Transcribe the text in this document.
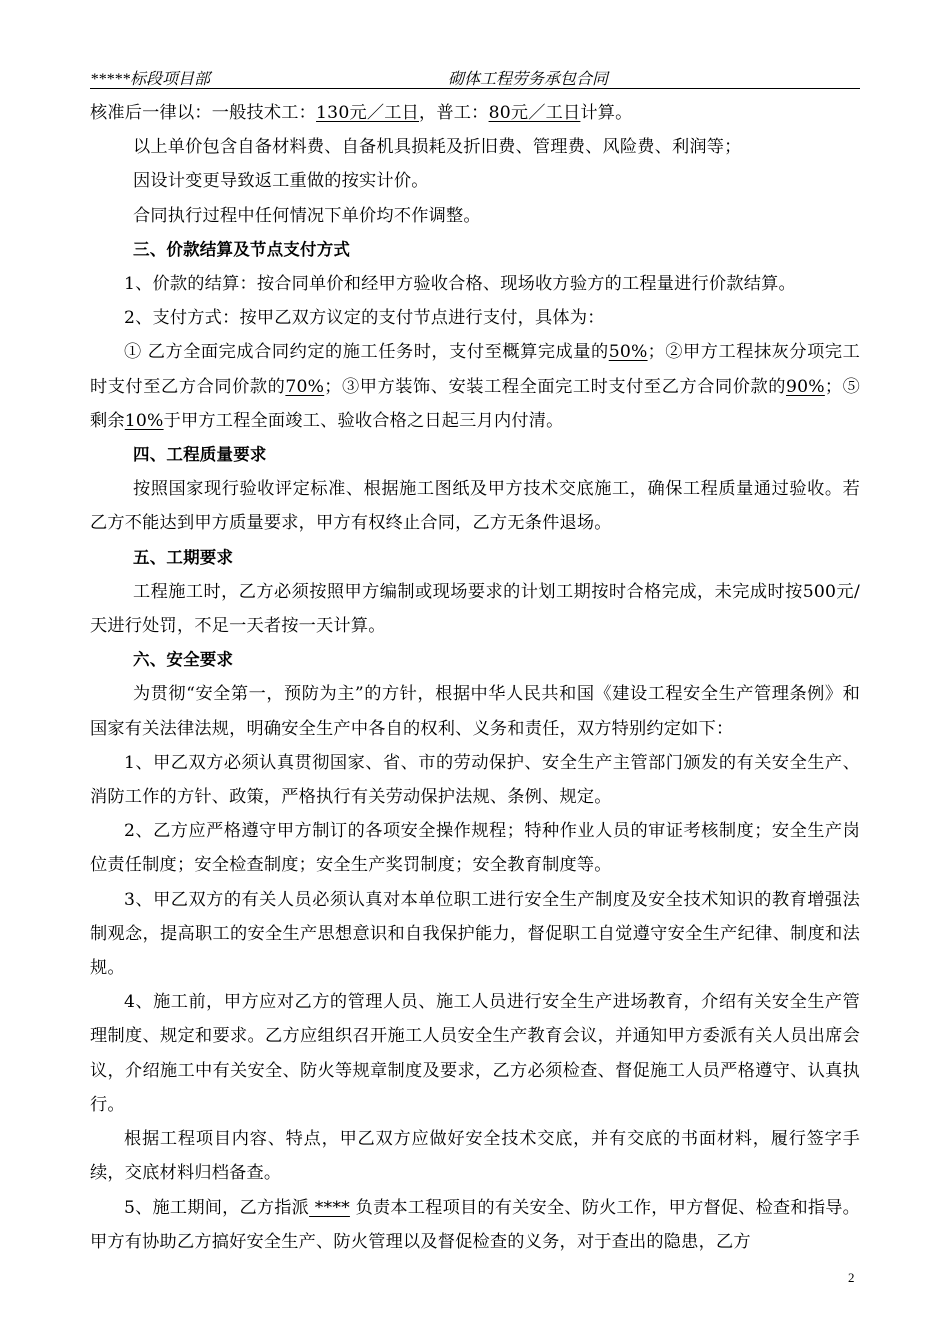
*****标段项目部	砌体工程劳务承包合同

核准后一律以：一般技术工：130元／工日，普工：80元／工日计算。

以上单价包含自备材料费、自备机具损耗及折旧费、管理费、风险费、利润等；

因设计变更导致返工重做的按实计价。

合同执行过程中任何情况下单价均不作调整。

三、价款结算及节点支付方式

1、价款的结算：按合同单价和经甲方验收合格、现场收方验方的工程量进行价款结算。

2、支付方式：按甲乙双方议定的支付节点进行支付，具体为：

① 乙方全面完成合同约定的施工任务时，支付至概算完成量的50%；②甲方工程抹灰分项完工时支付至乙方合同价款的70%；③甲方装饰、安装工程全面完工时支付至乙方合同价款的90%；⑤剩余10%于甲方工程全面竣工、验收合格之日起三月内付清。

四、工程质量要求

按照国家现行验收评定标准、根据施工图纸及甲方技术交底施工，确保工程质量通过验收。若乙方不能达到甲方质量要求，甲方有权终止合同，乙方无条件退场。

五、工期要求

工程施工时，乙方必须按照甲方编制或现场要求的计划工期按时合格完成，未完成时按500元/天进行处罚，不足一天者按一天计算。

六、安全要求

为贯彻“安全第一，预防为主”的方针，根据中华人民共和国《建设工程安全生产管理条例》和国家有关法律法规，明确安全生产中各自的权利、义务和责任，双方特别约定如下：

1、甲乙双方必须认真贯彻国家、省、市的劳动保护、安全生产主管部门颁发的有关安全生产、消防工作的方针、政策，严格执行有关劳动保护法规、条例、规定。

2、乙方应严格遵守甲方制订的各项安全操作规程；特种作业人员的审证考核制度；安全生产岗位责任制度；安全检查制度；安全生产奖罚制度；安全教育制度等。

3、甲乙双方的有关人员必须认真对本单位职工进行安全生产制度及安全技术知识的教育增强法制观念，提高职工的安全生产思想意识和自我保护能力，督促职工自觉遵守安全生产纪律、制度和法规。

4、施工前，甲方应对乙方的管理人员、施工人员进行安全生产进场教育，介绍有关安全生产管理制度、规定和要求。乙方应组织召开施工人员安全生产教育会议，并通知甲方委派有关人员出席会议，介绍施工中有关安全、防火等规章制度及要求，乙方必须检查、督促施工人员严格遵守、认真执行。

根据工程项目内容、特点，甲乙双方应做好安全技术交底，并有交底的书面材料，履行签字手续，交底材料归档备查。

5、施工期间，乙方指派 **** 负责本工程项目的有关安全、防火工作，甲方督促、检查和指导。甲方有协助乙方搞好安全生产、防火管理以及督促检查的义务，对于查出的隐患，乙方

2
